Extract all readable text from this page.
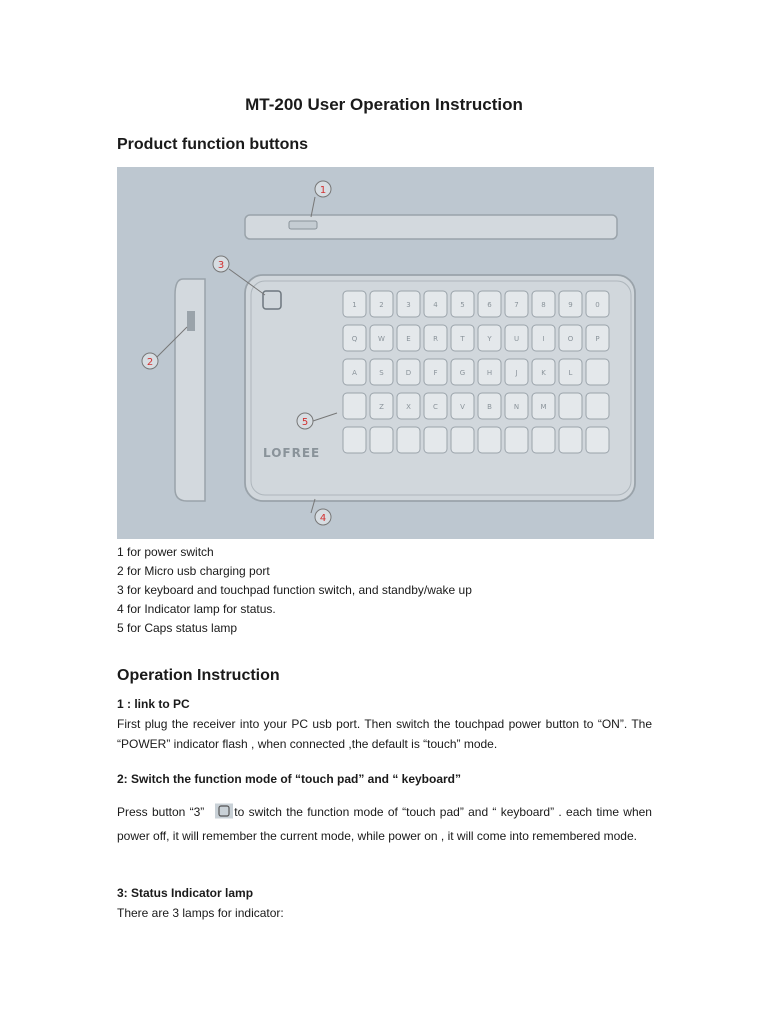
MT-200 User Operation Instruction
Product function buttons
LOFREE
1	2	3	4	5	6	7	8	9	0
Q	W	E	R	T	Y	U	I	O	P
A	S	D	F	G	H	J	K	L
Z	X	C	V	B	N	M
1
2
3
4
5
1 for power switch
2 for Micro usb charging port
3 for keyboard and touchpad function switch, and standby/wake up
4 for Indicator lamp for status.
5 for Caps status lamp
Operation Instruction
1 : link to PC

First plug the receiver into your PC usb port. Then switch the touchpad power button to “ON”. The “POWER” indicator flash , when connected ,the default is “touch” mode.

2: Switch the function mode of “touch pad” and “ keyboard”

Press button “3”	to switch the function mode of “touch pad” and “ keyboard” . each time when power off, it will remember the current mode, while power on , it will come into remembered mode.

3: Status Indicator lamp

There are 3 lamps for indicator:
